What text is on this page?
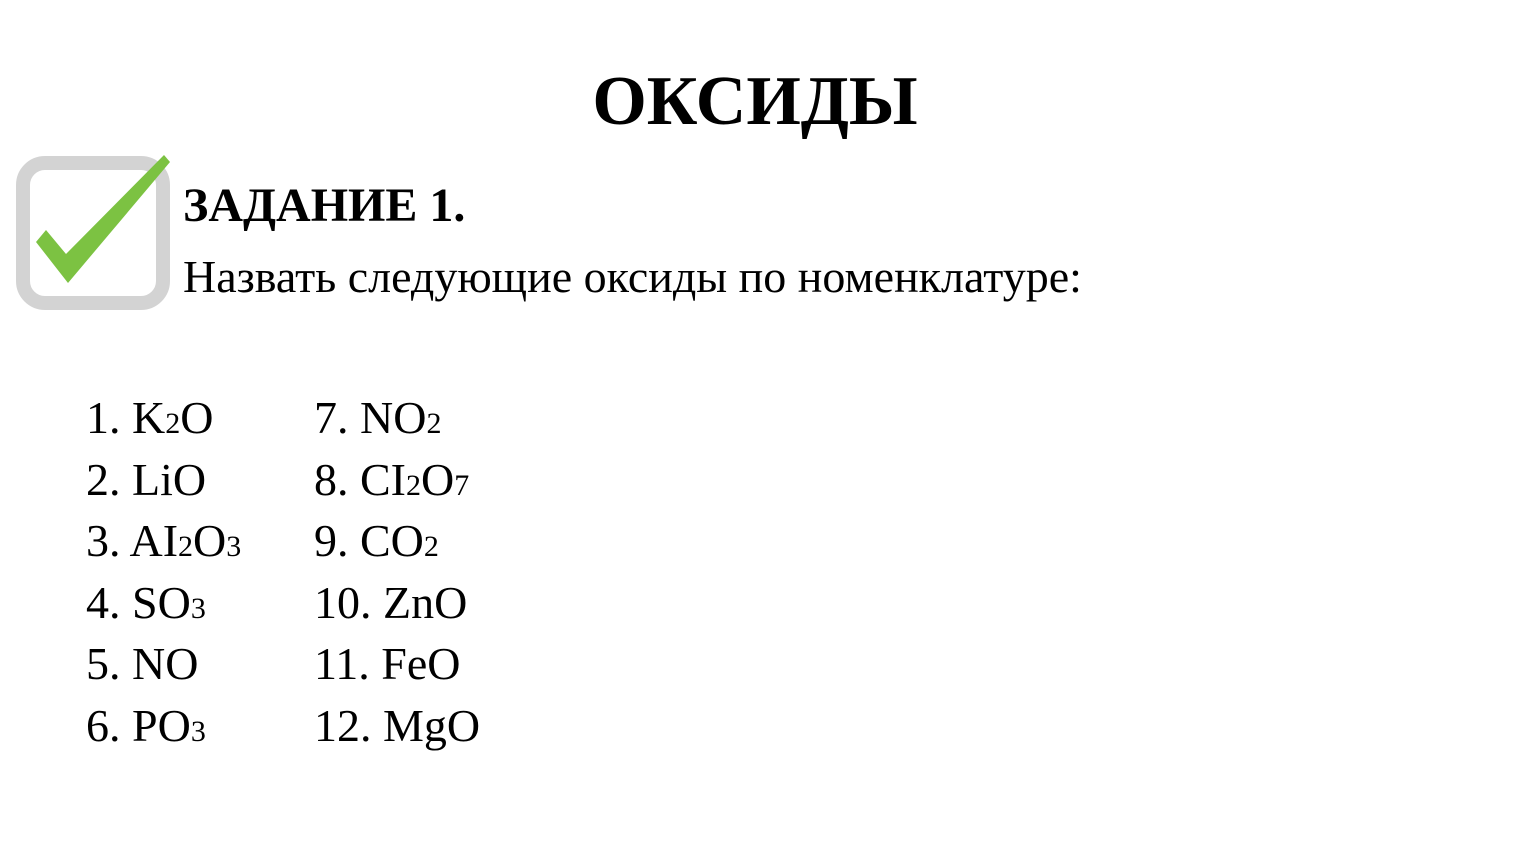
ОКСИДЫ
ЗАДАНИЕ 1.

Назвать следующие оксиды по номенклатуре:

1. K2O
2. LiO
3. AI2O3
4. SO3
5. NO
6. PO3
7. NO2
8. CI2O7
9. CO2
10. ZnO
11. FeO
12. MgO
